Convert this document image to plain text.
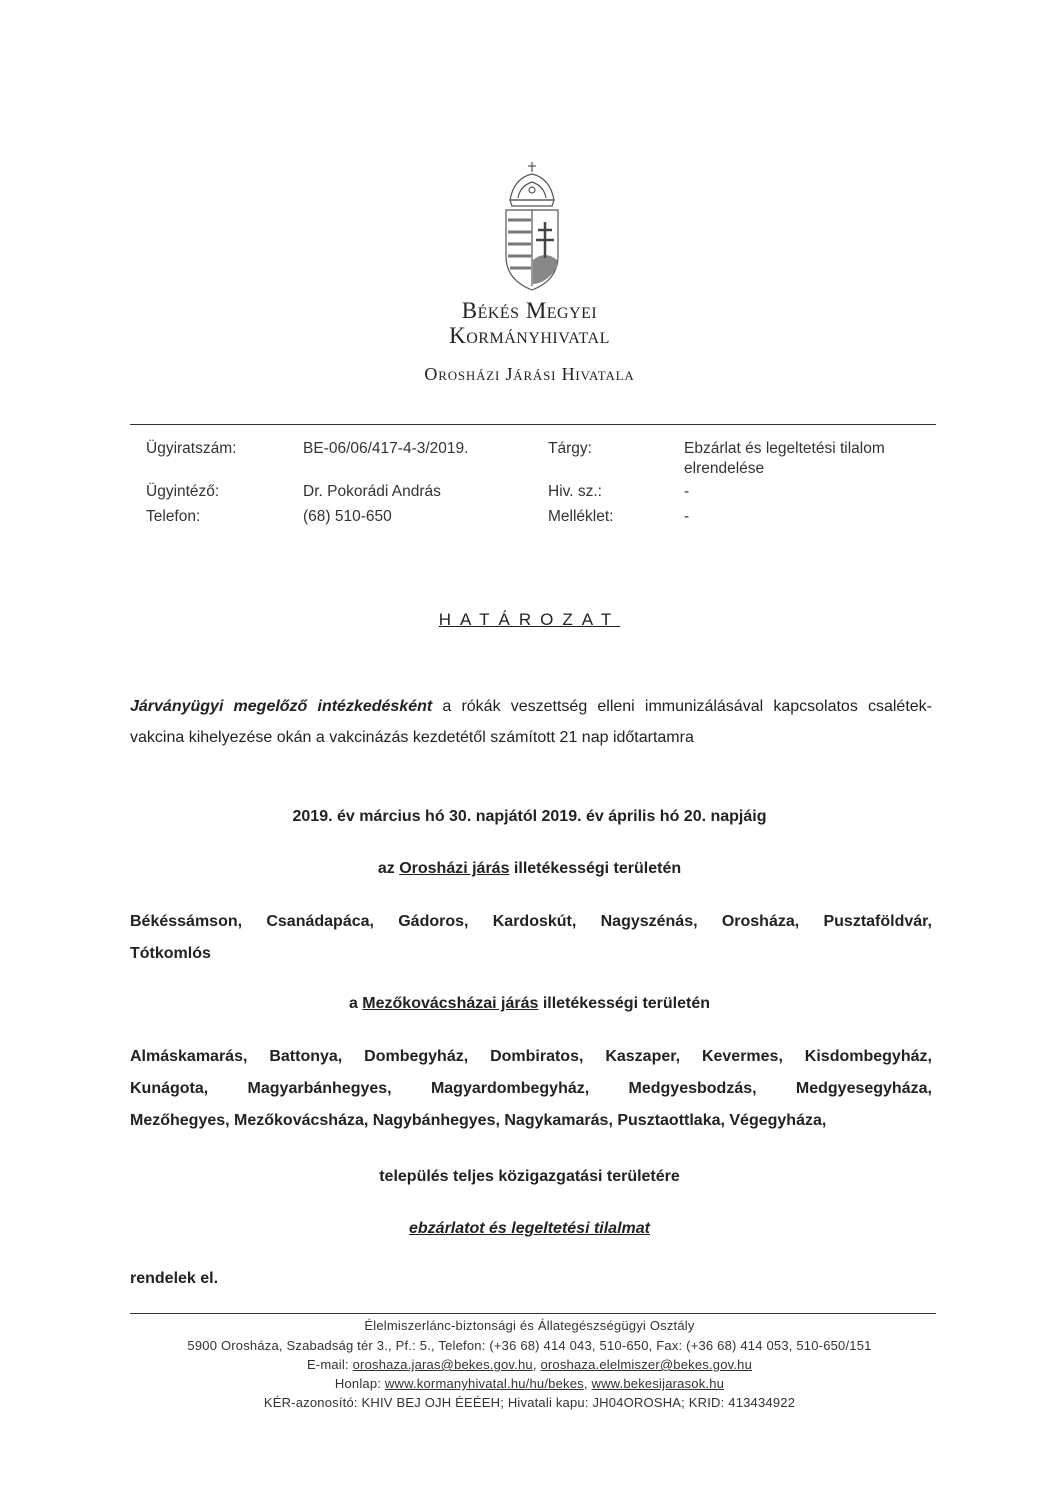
Békés Megyei
Kormányhivatal
Orosházi Járási Hivatala
Ügyiratszám:	BE-06/06/417-4-3/2019.	Tárgy:	Ebzárlat és legeltetési tilalom
elrendelése
Ügyintéző:	Dr. Pokorádi András	Hiv. sz.:	-
Telefon:	(68) 510-650	Melléklet:	-
HATÁROZAT
Járványügyi megelőző intézkedésként a rókák veszettség elleni immunizálásával kapcsolatos csalétek-vakcina kihelyezése okán a vakcinázás kezdetétől számított 21 nap időtartamra
2019. év március hó 30. napjától 2019. év április hó 20. napjáig
az Orosházi járás illetékességi területén
Békéssámson, Csanádapáca, Gádoros, Kardoskút, Nagyszénás, Orosháza, Pusztaföldvár,
Tótkomlós
a Mezőkovácsházai járás illetékességi területén
Almáskamarás, Battonya, Dombegyház, Dombiratos, Kaszaper, Kevermes, Kisdombegyház,
Kunágota, Magyarbánhegyes, Magyardombegyház, Medgyesbodzás, Medgyesegyháza,
Mezőhegyes, Mezőkovácsháza, Nagybánhegyes, Nagykamarás, Pusztaottlaka, Végegyháza,
település teljes közigazgatási területére
ebzárlatot és legeltetési tilalmat
rendelek el.
Élelmiszerlánc-biztonsági és Állategészségügyi Osztály
5900 Orosháza, Szabadság tér 3., Pf.: 5., Telefon: (+36 68) 414 043, 510-650, Fax: (+36 68) 414 053, 510-650/151
E-mail: oroshaza.jaras@bekes.gov.hu, oroshaza.elelmiszer@bekes.gov.hu
Honlap: www.kormanyhivatal.hu/hu/bekes, www.bekesijarasok.hu
KÉR-azonosító: KHIV BEJ OJH ÉEÉEH; Hivatali kapu: JH04OROSHA; KRID: 413434922
